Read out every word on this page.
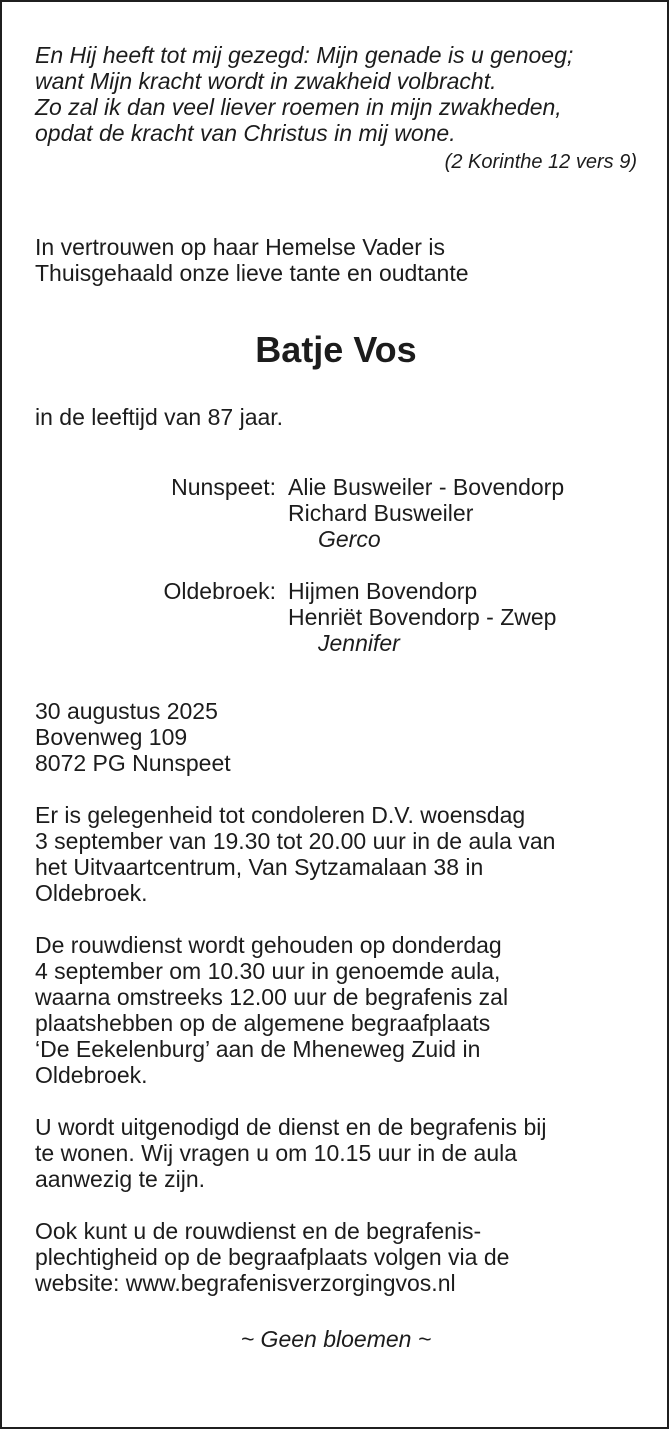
En Hij heeft tot mij gezegd: Mijn genade is u genoeg;
want Mijn kracht wordt in zwakheid volbracht.
Zo zal ik dan veel liever roemen in mijn zwakheden,
opdat de kracht van Christus in mij wone.

(2 Korinthe 12 vers 9)

In vertrouwen op haar Hemelse Vader is
Thuisgehaald onze lieve tante en oudtante

Batje Vos

in de leeftijd van 87 jaar.

Nunspeet: Alie Busweiler - Bovendorp
Richard Busweiler
Gerco
Oldebroek: Hijmen Bovendorp
Henriët Bovendorp - Zwep
Jennifer

30 augustus 2025
Bovenweg 109
8072 PG Nunspeet

Er is gelegenheid tot condoleren D.V. woensdag
3 september van 19.30 tot 20.00 uur in de aula van
het Uitvaartcentrum, Van Sytzamalaan 38 in
Oldebroek.

De rouwdienst wordt gehouden op donderdag
4 september om 10.30 uur in genoemde aula,
waarna omstreeks 12.00 uur de begrafenis zal
plaatshebben op de algemene begraafplaats
‘De Eekelenburg’ aan de Mheneweg Zuid in
Oldebroek.

U wordt uitgenodigd de dienst en de begrafenis bij
te wonen. Wij vragen u om 10.15 uur in de aula
aanwezig te zijn.

Ook kunt u de rouwdienst en de begrafenis-
plechtigheid op de begraafplaats volgen via de
website: www.begrafenisverzorgingvos.nl

~ Geen bloemen ~
